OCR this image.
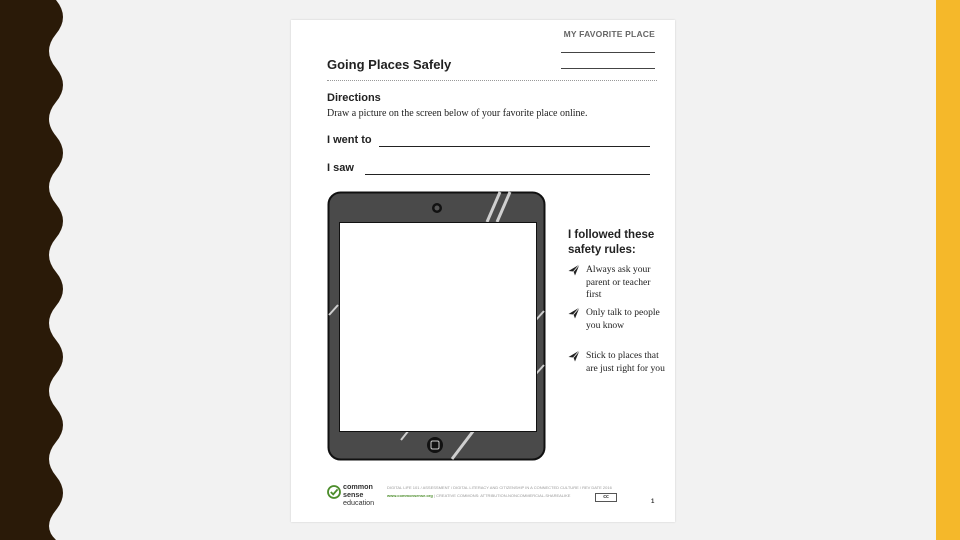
MY FAVORITE PLACE
Going Places Safely
Directions
Draw a picture on the screen below of your favorite place online.
I went to
I saw
I followed these
safety rules:
Always ask your parent or teacher first
Only talk to people you know
Stick to places that are just right for you
common
sense
education
DIGITAL LIFE 101 / ASSESSMENT / DIGITAL LITERACY AND CITIZENSHIP IN A CONNECTED CULTURE / REV DATE 2016
www.commonsense.org | CREATIVE COMMONS: ATTRIBUTION-NONCOMMERCIAL-SHAREALIKE	cc
1
